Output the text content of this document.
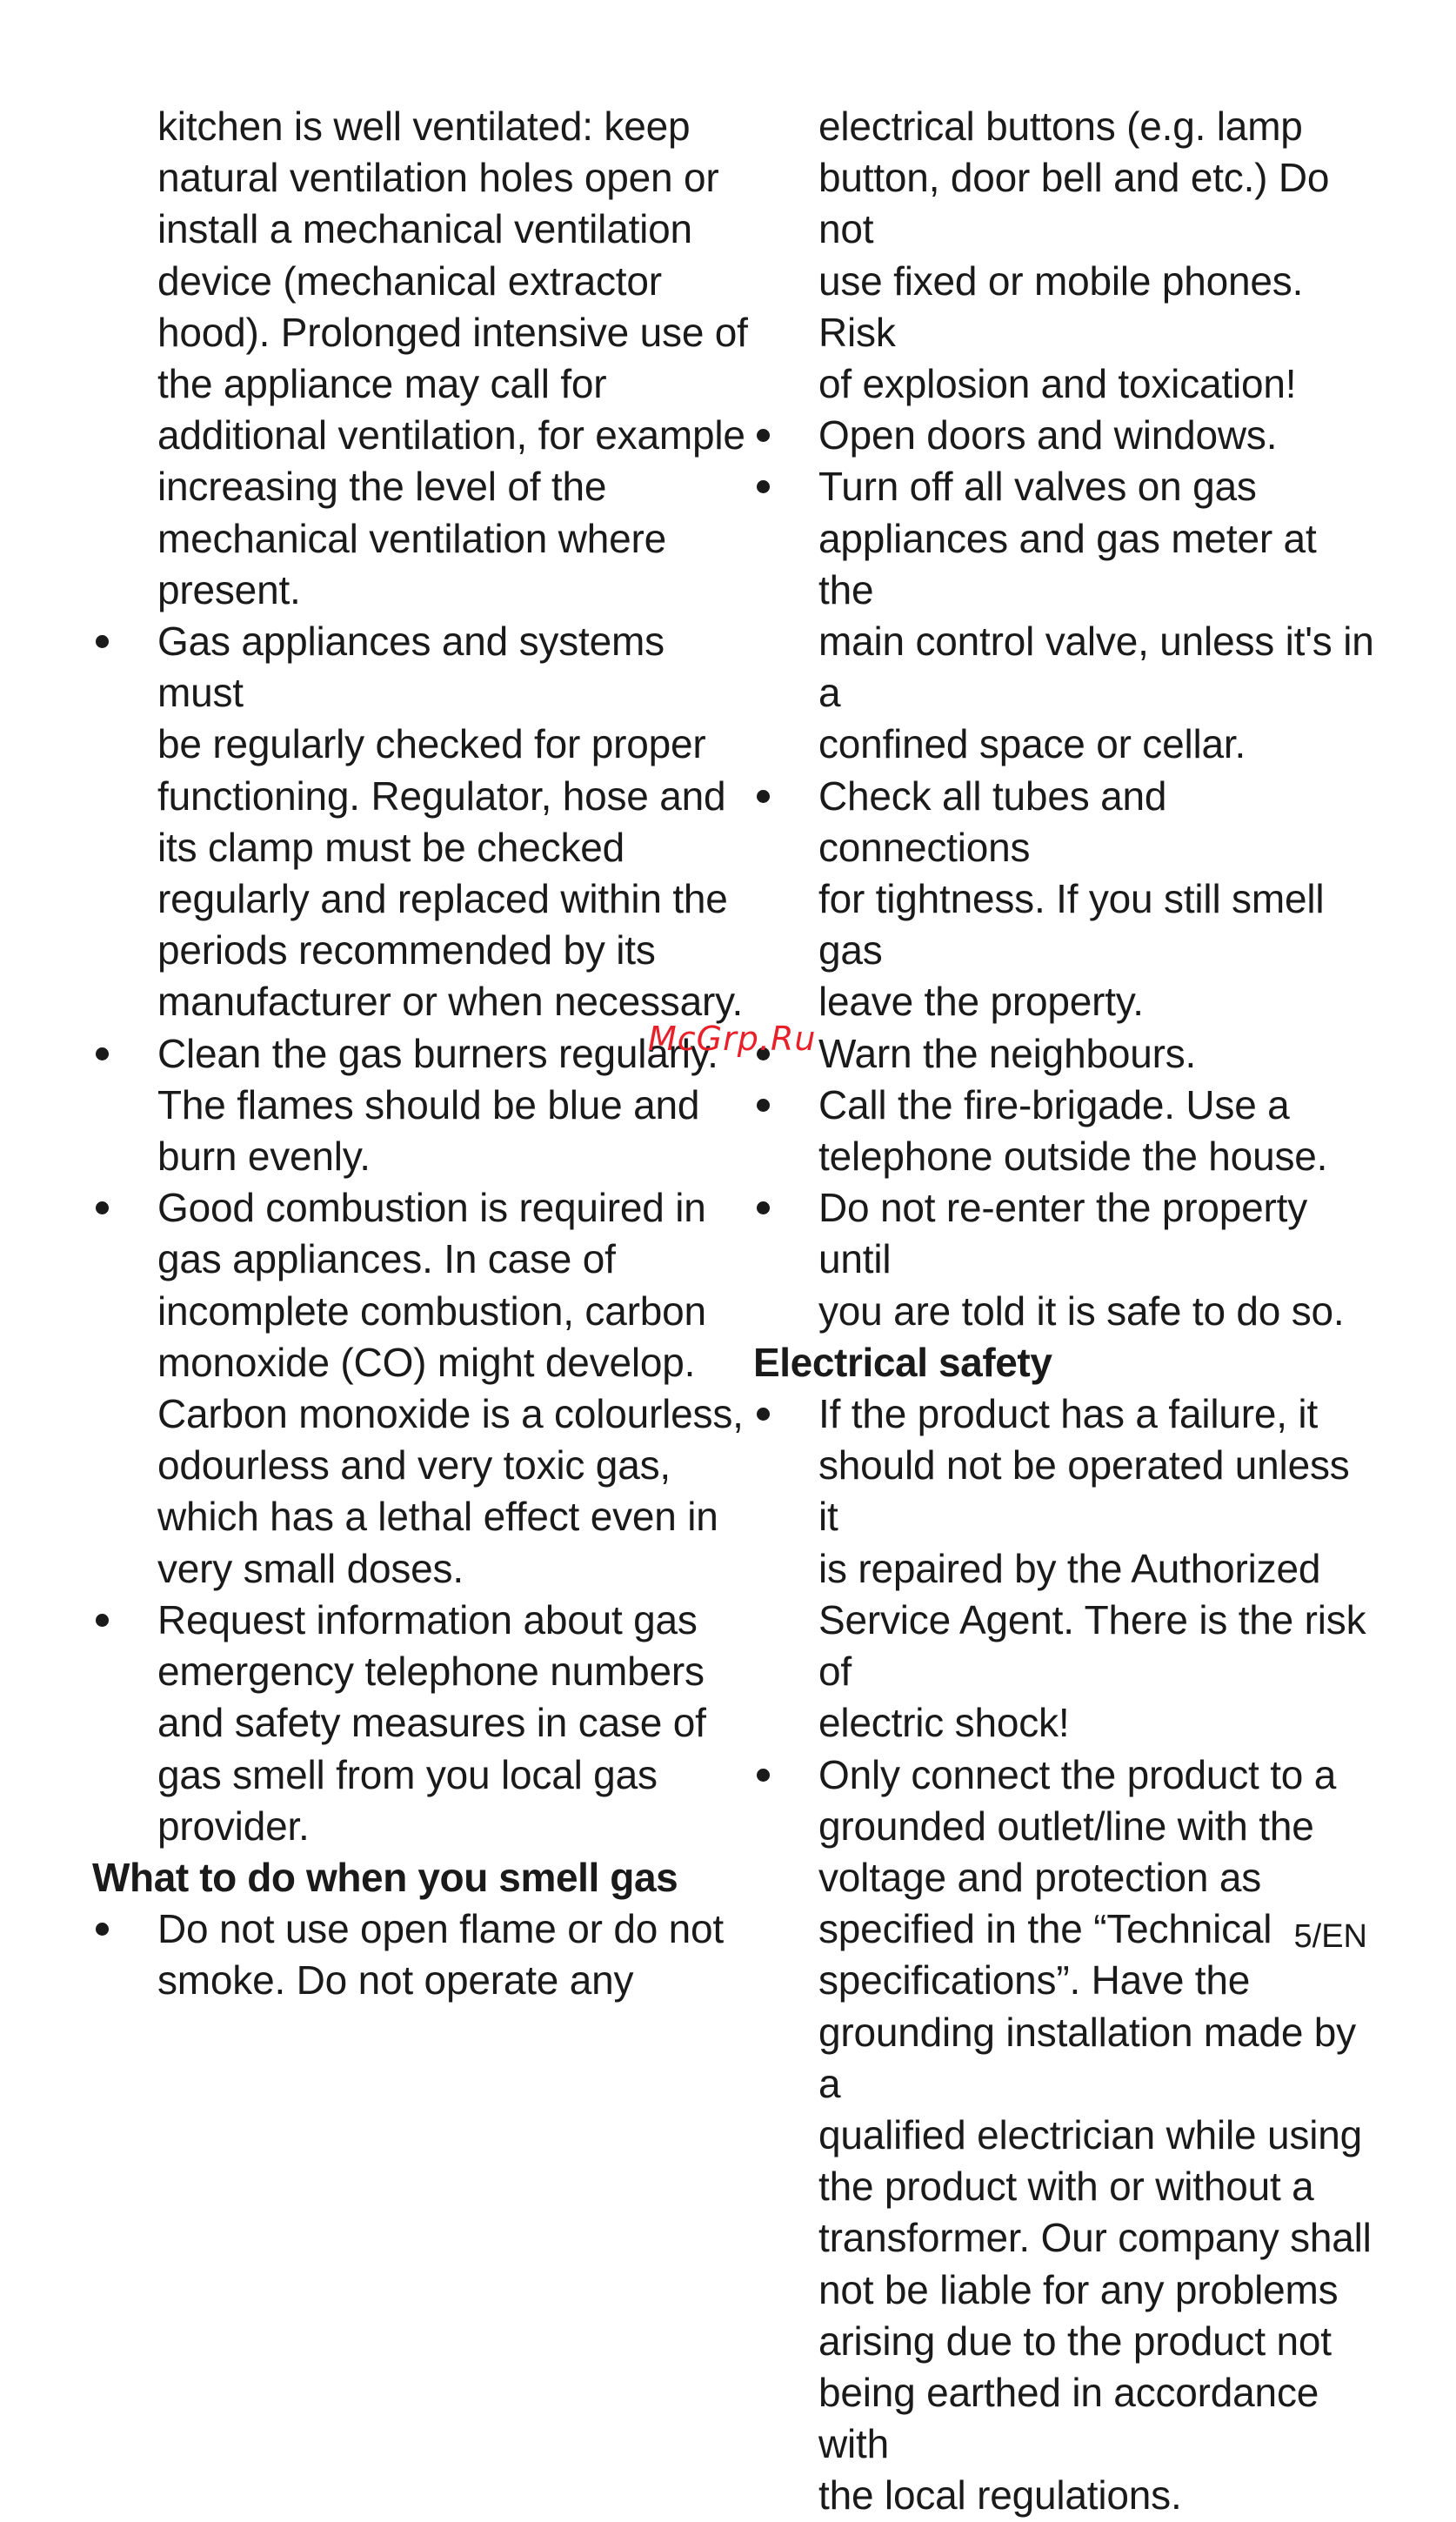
kitchen is well ventilated: keep
natural ventilation holes open or
install a mechanical ventilation
device (mechanical extractor
hood). Prolonged intensive use of
the appliance may call for
additional ventilation, for example
increasing the level of the
mechanical ventilation where
present.

Gas appliances and systems must
be regularly checked for proper
functioning. Regulator, hose and
its clamp must be checked
regularly and replaced within the
periods recommended by its
manufacturer or when necessary.
Clean the gas burners regularly.
The flames should be blue and
burn evenly.
Good combustion is required in
gas appliances. In case of
incomplete combustion, carbon
monoxide (CO) might develop.
Carbon monoxide is a colourless,
odourless and very toxic gas,
which has a lethal effect even in
very small doses.
Request information about gas
emergency telephone numbers
and safety measures in case of
gas smell from you local gas
provider.
What to do when you smell gas
Do not use open flame or do not
smoke. Do not operate any

electrical buttons (e.g. lamp
button, door bell and etc.) Do not
use fixed or mobile phones. Risk
of explosion and toxication!

Open doors and windows.
Turn off all valves on gas
appliances and gas meter at the
main control valve, unless it's in a
confined space or cellar.
Check all tubes and connections
for tightness. If you still smell gas
leave the property.
Warn the neighbours.
Call the fire-brigade. Use a
telephone outside the house.
Do not re-enter the property until
you are told it is safe to do so.
Electrical safety
If the product has a failure, it
should not be operated unless it
is repaired by the Authorized
Service Agent. There is the risk of
electric shock!
Only connect the product to a
grounded outlet/line with the
voltage and protection as
specified in the “Technical
specifications”. Have the
grounding installation made by a
qualified electrician while using
the product with or without a
transformer. Our company shall
not be liable for any problems
arising due to the product not
being earthed in accordance with
the local regulations.
McGrp.Ru
5/EN
